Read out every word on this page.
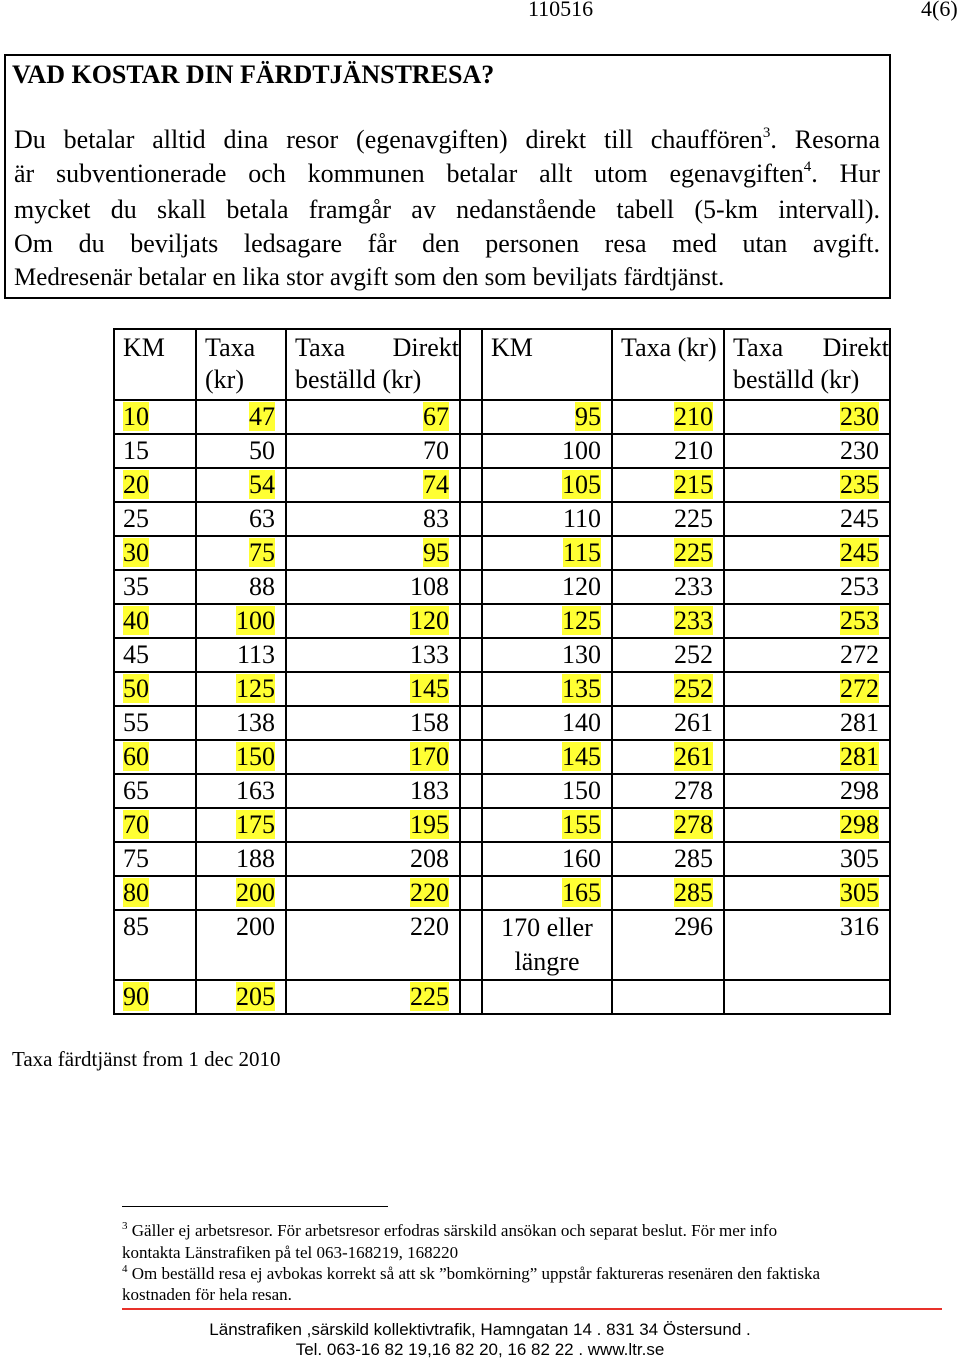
110516	4(6)
VAD KOSTAR DIN FÄRDTJÄNSTRESA?
Du betalar alltid dina resor (egenavgiften) direkt till chauffören$^3$. Resorna
är subventionerade och kommunen betalar allt utom egenavgiften$^4$. Hur
mycket du skall betala framgår av nedanstående tabell (5-km intervall).
Om du beviljats ledsagare får den personen resa med utan avgift.
Medresenär betalar en lika stor avgift som den som beviljats färdtjänst.
KM	Taxa (kr)	Taxa Direkt beställd (kr)		KM	Taxa (kr)	Taxa Direkt beställd (kr)
10	47	67		95	210	230
15	50	70		100	210	230
20	54	74		105	215	235
25	63	83		110	225	245
30	75	95		115	225	245
35	88	108		120	233	253
40	100	120		125	233	253
45	113	133		130	252	272
50	125	145		135	252	272
55	138	158		140	261	281
60	150	170		145	261	281
65	163	183		150	278	298
70	175	195		155	278	298
75	188	208		160	285	305
80	200	220		165	285	305
85	200	220		170 eller längre	296	316
90	205	225				
Taxa färdtjänst from 1 dec 2010
$^3$ Gäller ej arbetsresor. För arbetsresor erfodras särskild ansökan och separat beslut. För mer info
kontakta Länstrafiken på tel 063-168219, 168220
$^4$ Om beställd resa ej avbokas korrekt så att sk ”bomkörning” uppstår faktureras resenären den faktiska
kostnaden för hela resan.
Länstrafiken ,särskild kollektivtrafik, Hamngatan 14 . 831 34 Östersund .
Tel. 063-16 82 19,16 82 20, 16 82 22 . www.ltr.se
